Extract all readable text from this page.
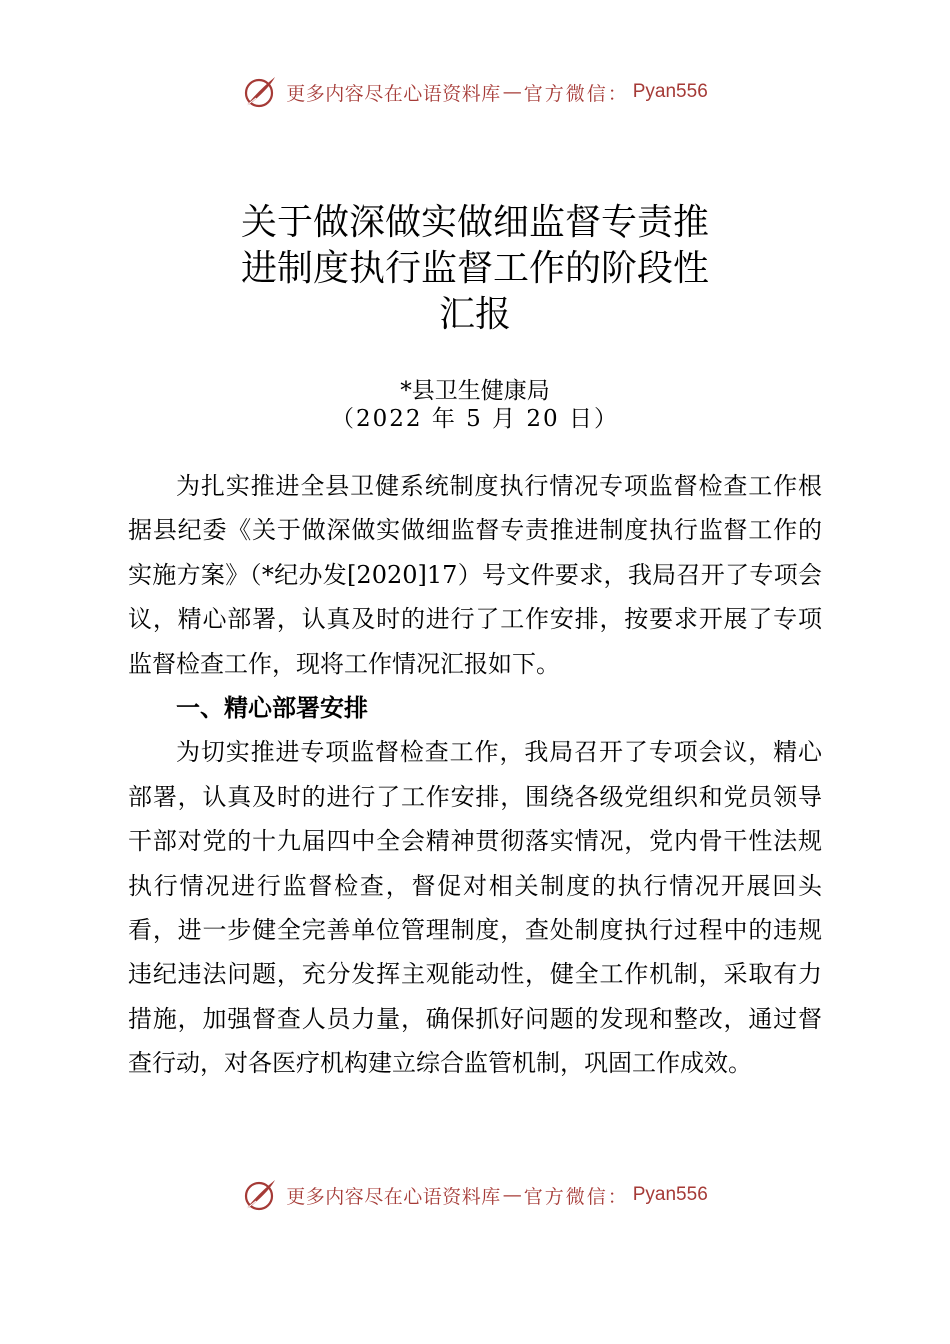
更多内容尽在心语资料库 — 官方微信： Pyan556
关于做深做实做细监督专责推
进制度执行监督工作的阶段性
汇报
*县卫生健康局
（2022 年 5 月 20 日）

为扎实推进全县卫健系统制度执行情况专项监督检查工作根据县纪委《关于做深做实做细监督专责推进制度执行监督工作的实施方案》（*纪办发[2020]17）号文件要求，我局召开了专项会议，精心部署，认真及时的进行了工作安排，按要求开展了专项监督检查工作，现将工作情况汇报如下。

一、精心部署安排

为切实推进专项监督检查工作，我局召开了专项会议，精心部署，认真及时的进行了工作安排，围绕各级党组织和党员领导干部对党的十九届四中全会精神贯彻落实情况，党内骨干性法规执行情况进行监督检查，督促对相关制度的执行情况开展回头看，进一步健全完善单位管理制度，查处制度执行过程中的违规违纪违法问题，充分发挥主观能动性，健全工作机制，采取有力措施，加强督查人员力量，确保抓好问题的发现和整改，通过督查行动，对各医疗机构建立综合监管机制，巩固工作成效。

更多内容尽在心语资料库 — 官方微信： Pyan556
